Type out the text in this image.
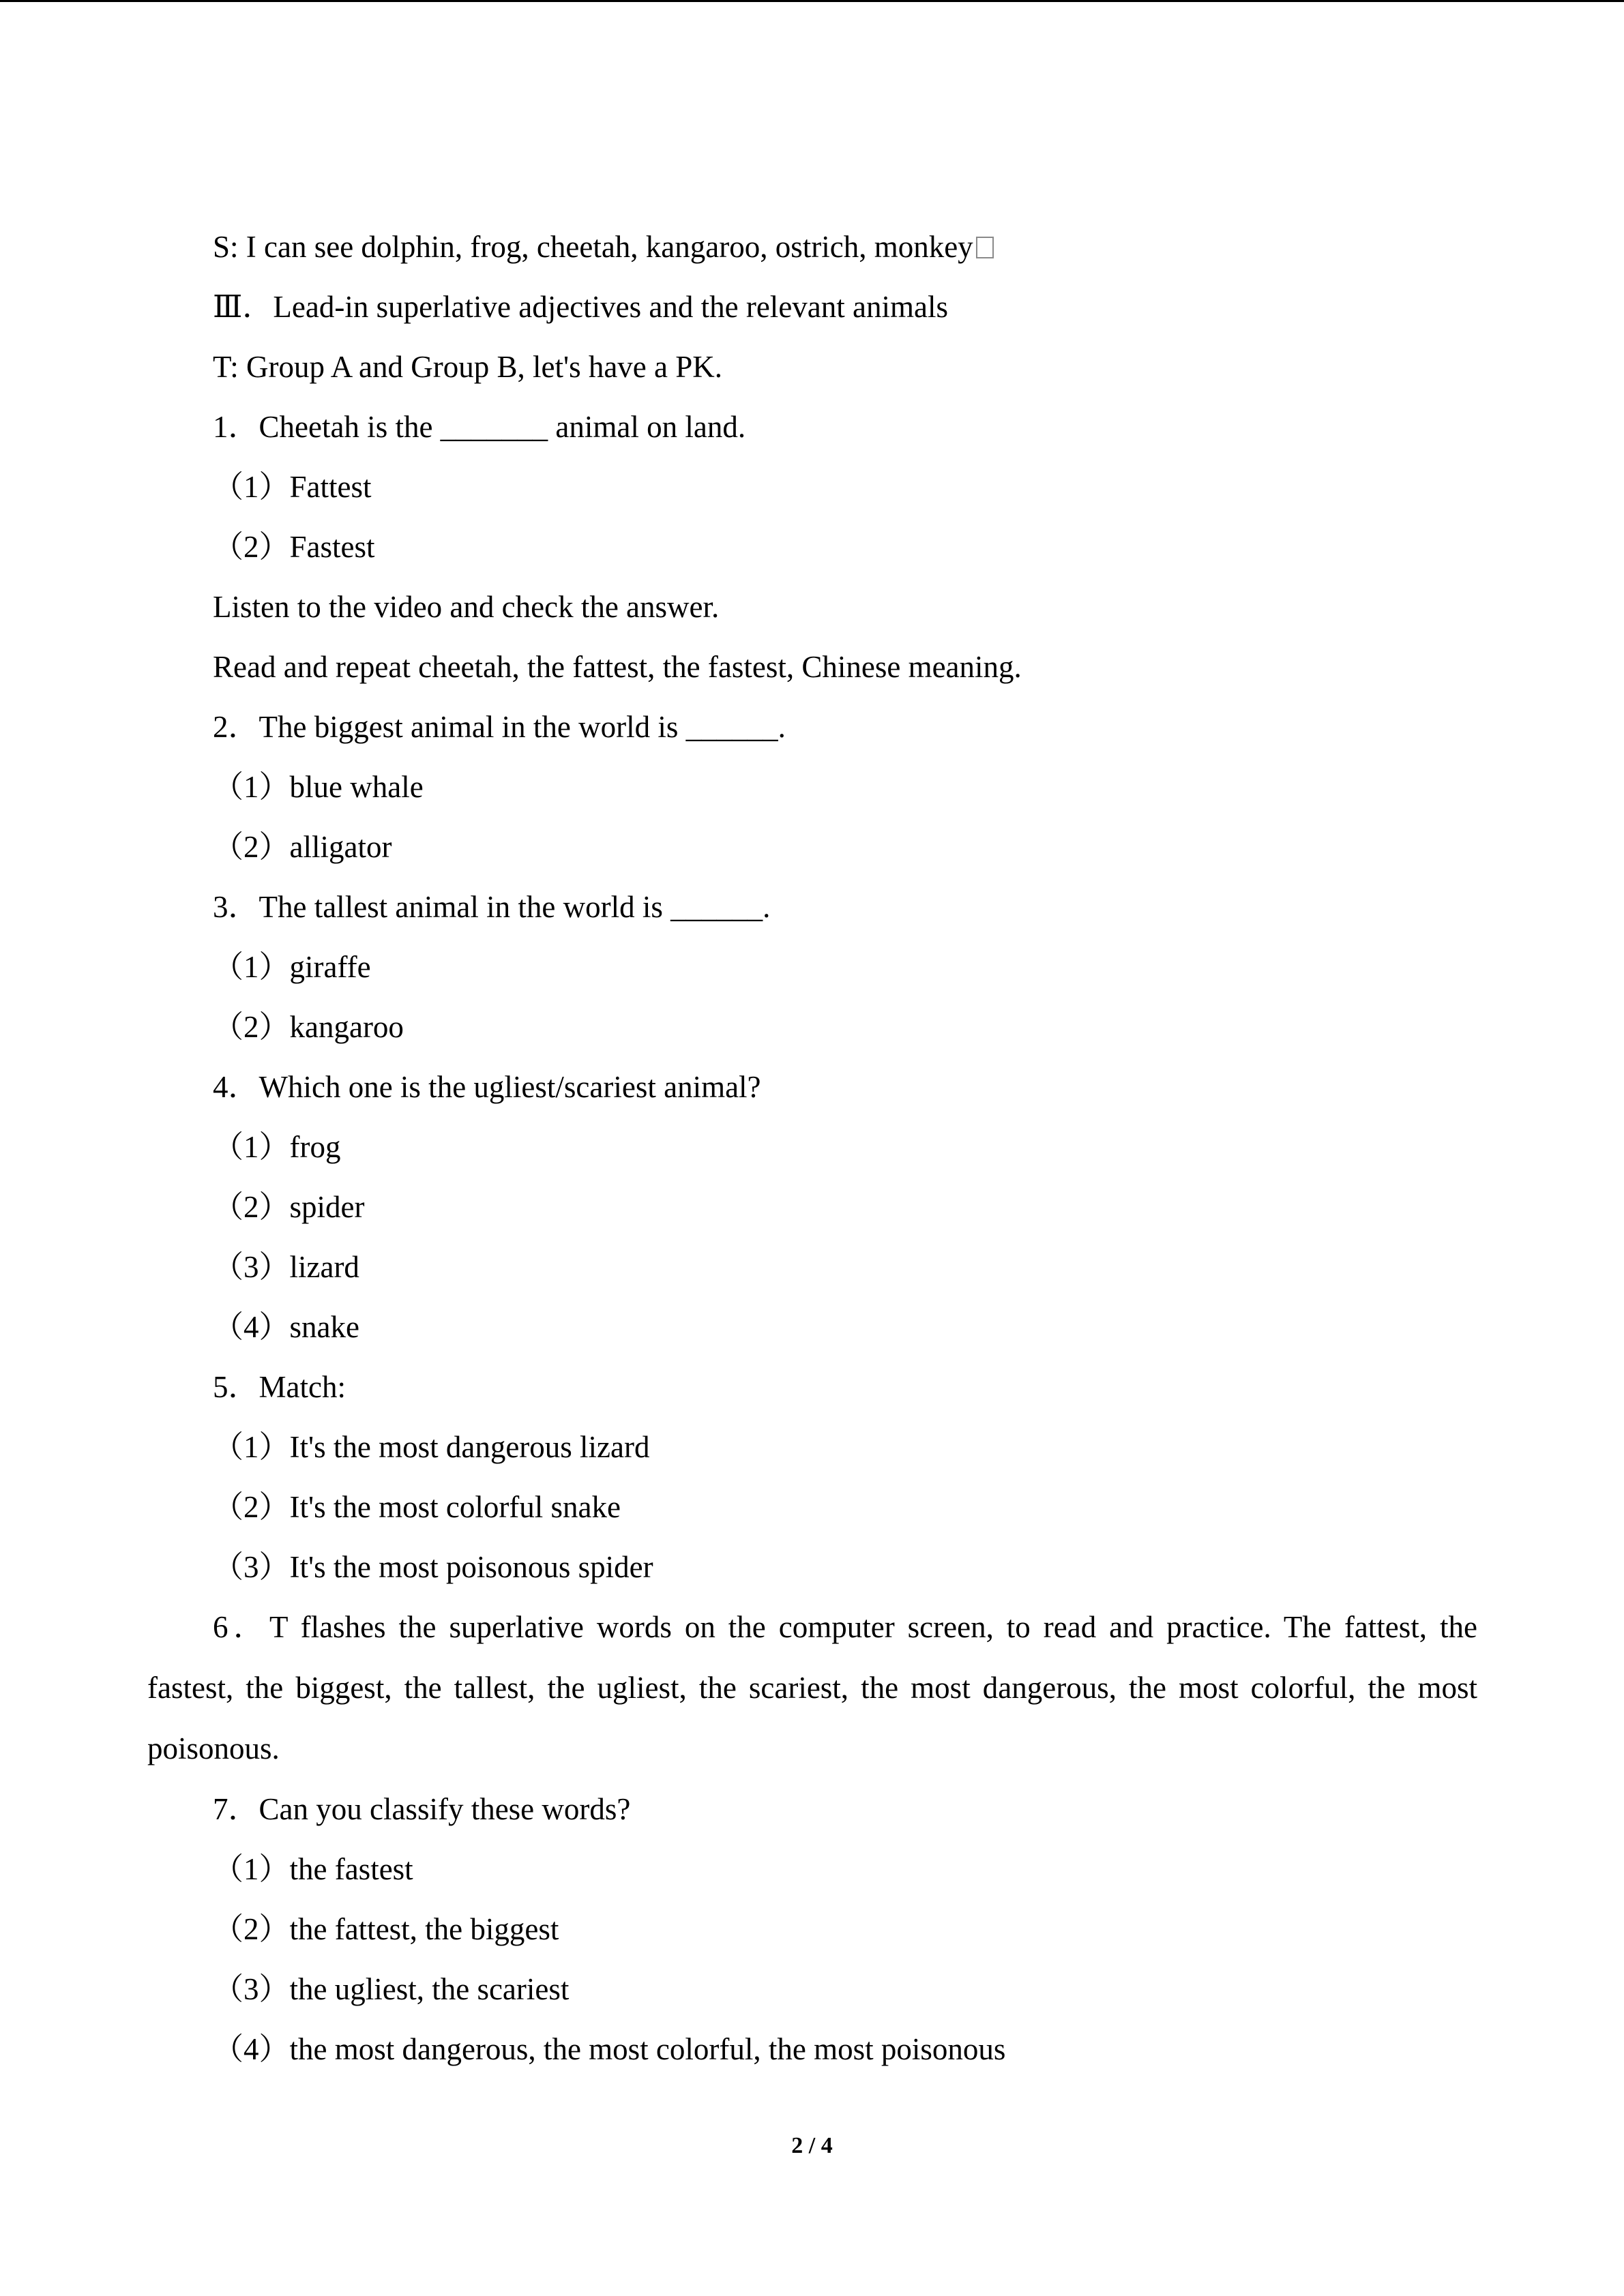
S: I can see dolphin, frog, cheetah, kangaroo, ostrich, monkey
Ⅲ．Lead-in superlative adjectives and the relevant animals
T: Group A and Group B, let's have a PK.
1．Cheetah is the _______ animal on land.
（1）Fattest
（2）Fastest
Listen to the video and check the answer.
Read and repeat cheetah, the fattest, the fastest, Chinese meaning.
2．The biggest animal in the world is ______.
（1）blue whale
（2）alligator
3．The tallest animal in the world is ______.
（1）giraffe
（2）kangaroo
4．Which one is the ugliest/scariest animal?
（1）frog
（2）spider
（3）lizard
（4）snake
5．Match:
（1）It's the most dangerous lizard
（2）It's the most colorful snake
（3）It's the most poisonous spider

6．T flashes the superlative words on the computer screen, to read and practice. The fattest, the fastest, the biggest, the tallest, the ugliest, the scariest, the most dangerous, the most colorful, the most poisonous.

7．Can you classify these words?
（1）the fastest
（2）the fattest, the biggest
（3）the ugliest, the scariest
（4）the most dangerous, the most colorful, the most poisonous
2 / 4
